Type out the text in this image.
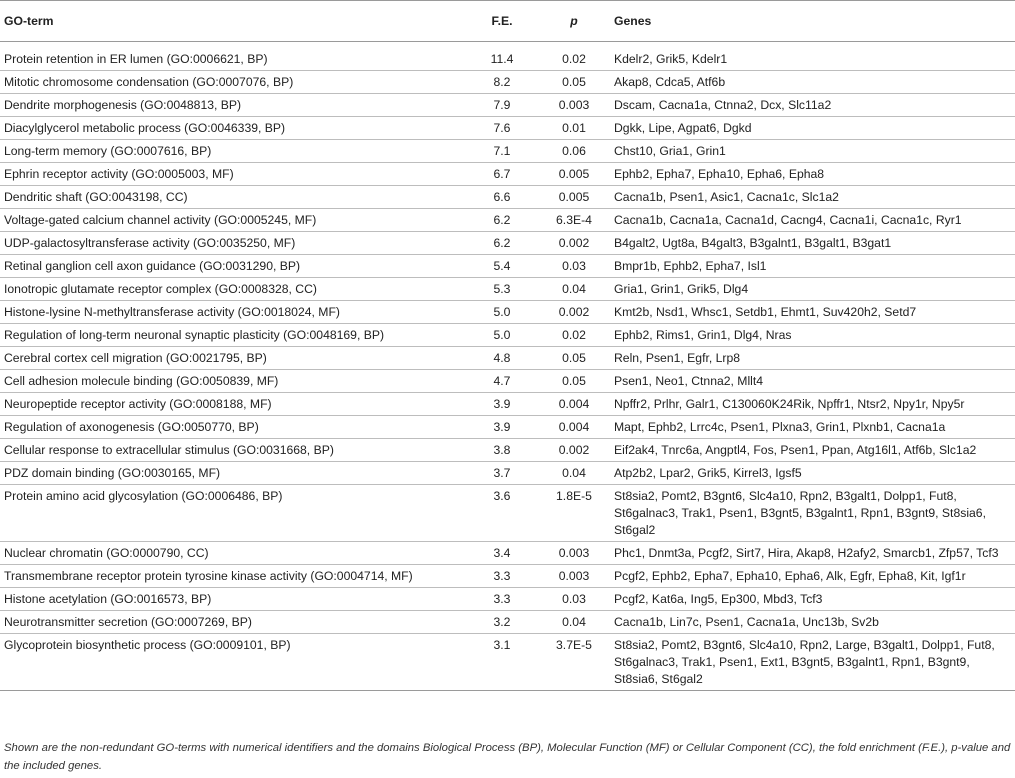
GO-term	F.E.	p	Genes

Protein retention in ER lumen (GO:0006621, BP)	11.4	0.02	Kdelr2, Grik5, Kdelr1
Mitotic chromosome condensation (GO:0007076, BP)	8.2	0.05	Akap8, Cdca5, Atf6b
Dendrite morphogenesis (GO:0048813, BP)	7.9	0.003	Dscam, Cacna1a, Ctnna2, Dcx, Slc11a2
Diacylglycerol metabolic process (GO:0046339, BP)	7.6	0.01	Dgkk, Lipe, Agpat6, Dgkd
Long-term memory (GO:0007616, BP)	7.1	0.06	Chst10, Gria1, Grin1
Ephrin receptor activity (GO:0005003, MF)	6.7	0.005	Ephb2, Epha7, Epha10, Epha6, Epha8
Dendritic shaft (GO:0043198, CC)	6.6	0.005	Cacna1b, Psen1, Asic1, Cacna1c, Slc1a2
Voltage-gated calcium channel activity (GO:0005245, MF)	6.2	6.3E-4	Cacna1b, Cacna1a, Cacna1d, Cacng4, Cacna1i, Cacna1c, Ryr1
UDP-galactosyltransferase activity (GO:0035250, MF)	6.2	0.002	B4galt2, Ugt8a, B4galt3, B3galnt1, B3galt1, B3gat1
Retinal ganglion cell axon guidance (GO:0031290, BP)	5.4	0.03	Bmpr1b, Ephb2, Epha7, Isl1
Ionotropic glutamate receptor complex (GO:0008328, CC)	5.3	0.04	Gria1, Grin1, Grik5, Dlg4
Histone-lysine N-methyltransferase activity (GO:0018024, MF)	5.0	0.002	Kmt2b, Nsd1, Whsc1, Setdb1, Ehmt1, Suv420h2, Setd7
Regulation of long-term neuronal synaptic plasticity (GO:0048169, BP)	5.0	0.02	Ephb2, Rims1, Grin1, Dlg4, Nras
Cerebral cortex cell migration (GO:0021795, BP)	4.8	0.05	Reln, Psen1, Egfr, Lrp8
Cell adhesion molecule binding (GO:0050839, MF)	4.7	0.05	Psen1, Neo1, Ctnna2, Mllt4
Neuropeptide receptor activity (GO:0008188, MF)	3.9	0.004	Npffr2, Prlhr, Galr1, C130060K24Rik, Npffr1, Ntsr2, Npy1r, Npy5r
Regulation of axonogenesis (GO:0050770, BP)	3.9	0.004	Mapt, Ephb2, Lrrc4c, Psen1, Plxna3, Grin1, Plxnb1, Cacna1a
Cellular response to extracellular stimulus (GO:0031668, BP)	3.8	0.002	Eif2ak4, Tnrc6a, Angptl4, Fos, Psen1, Ppan, Atg16l1, Atf6b, Slc1a2
PDZ domain binding (GO:0030165, MF)	3.7	0.04	Atp2b2, Lpar2, Grik5, Kirrel3, Igsf5
Protein amino acid glycosylation (GO:0006486, BP)	3.6	1.8E-5	St8sia2, Pomt2, B3gnt6, Slc4a10, Rpn2, B3galt1, Dolpp1, Fut8, St6galnac3, Trak1, Psen1, B3gnt5, B3galnt1, Rpn1, B3gnt9, St8sia6, St6gal2
Nuclear chromatin (GO:0000790, CC)	3.4	0.003	Phc1, Dnmt3a, Pcgf2, Sirt7, Hira, Akap8, H2afy2, Smarcb1, Zfp57, Tcf3
Transmembrane receptor protein tyrosine kinase activity (GO:0004714, MF)	3.3	0.003	Pcgf2, Ephb2, Epha7, Epha10, Epha6, Alk, Egfr, Epha8, Kit, Igf1r
Histone acetylation (GO:0016573, BP)	3.3	0.03	Pcgf2, Kat6a, Ing5, Ep300, Mbd3, Tcf3
Neurotransmitter secretion (GO:0007269, BP)	3.2	0.04	Cacna1b, Lin7c, Psen1, Cacna1a, Unc13b, Sv2b
Glycoprotein biosynthetic process (GO:0009101, BP)	3.1	3.7E-5	St8sia2, Pomt2, B3gnt6, Slc4a10, Rpn2, Large, B3galt1, Dolpp1, Fut8, St6galnac3, Trak1, Psen1, Ext1, B3gnt5, B3galnt1, Rpn1, B3gnt9, St8sia6, St6gal2
Shown are the non-redundant GO-terms with numerical identifiers and the domains Biological Process (BP), Molecular Function (MF) or Cellular Component (CC), the fold enrichment (F.E.), p-value and the included genes.
